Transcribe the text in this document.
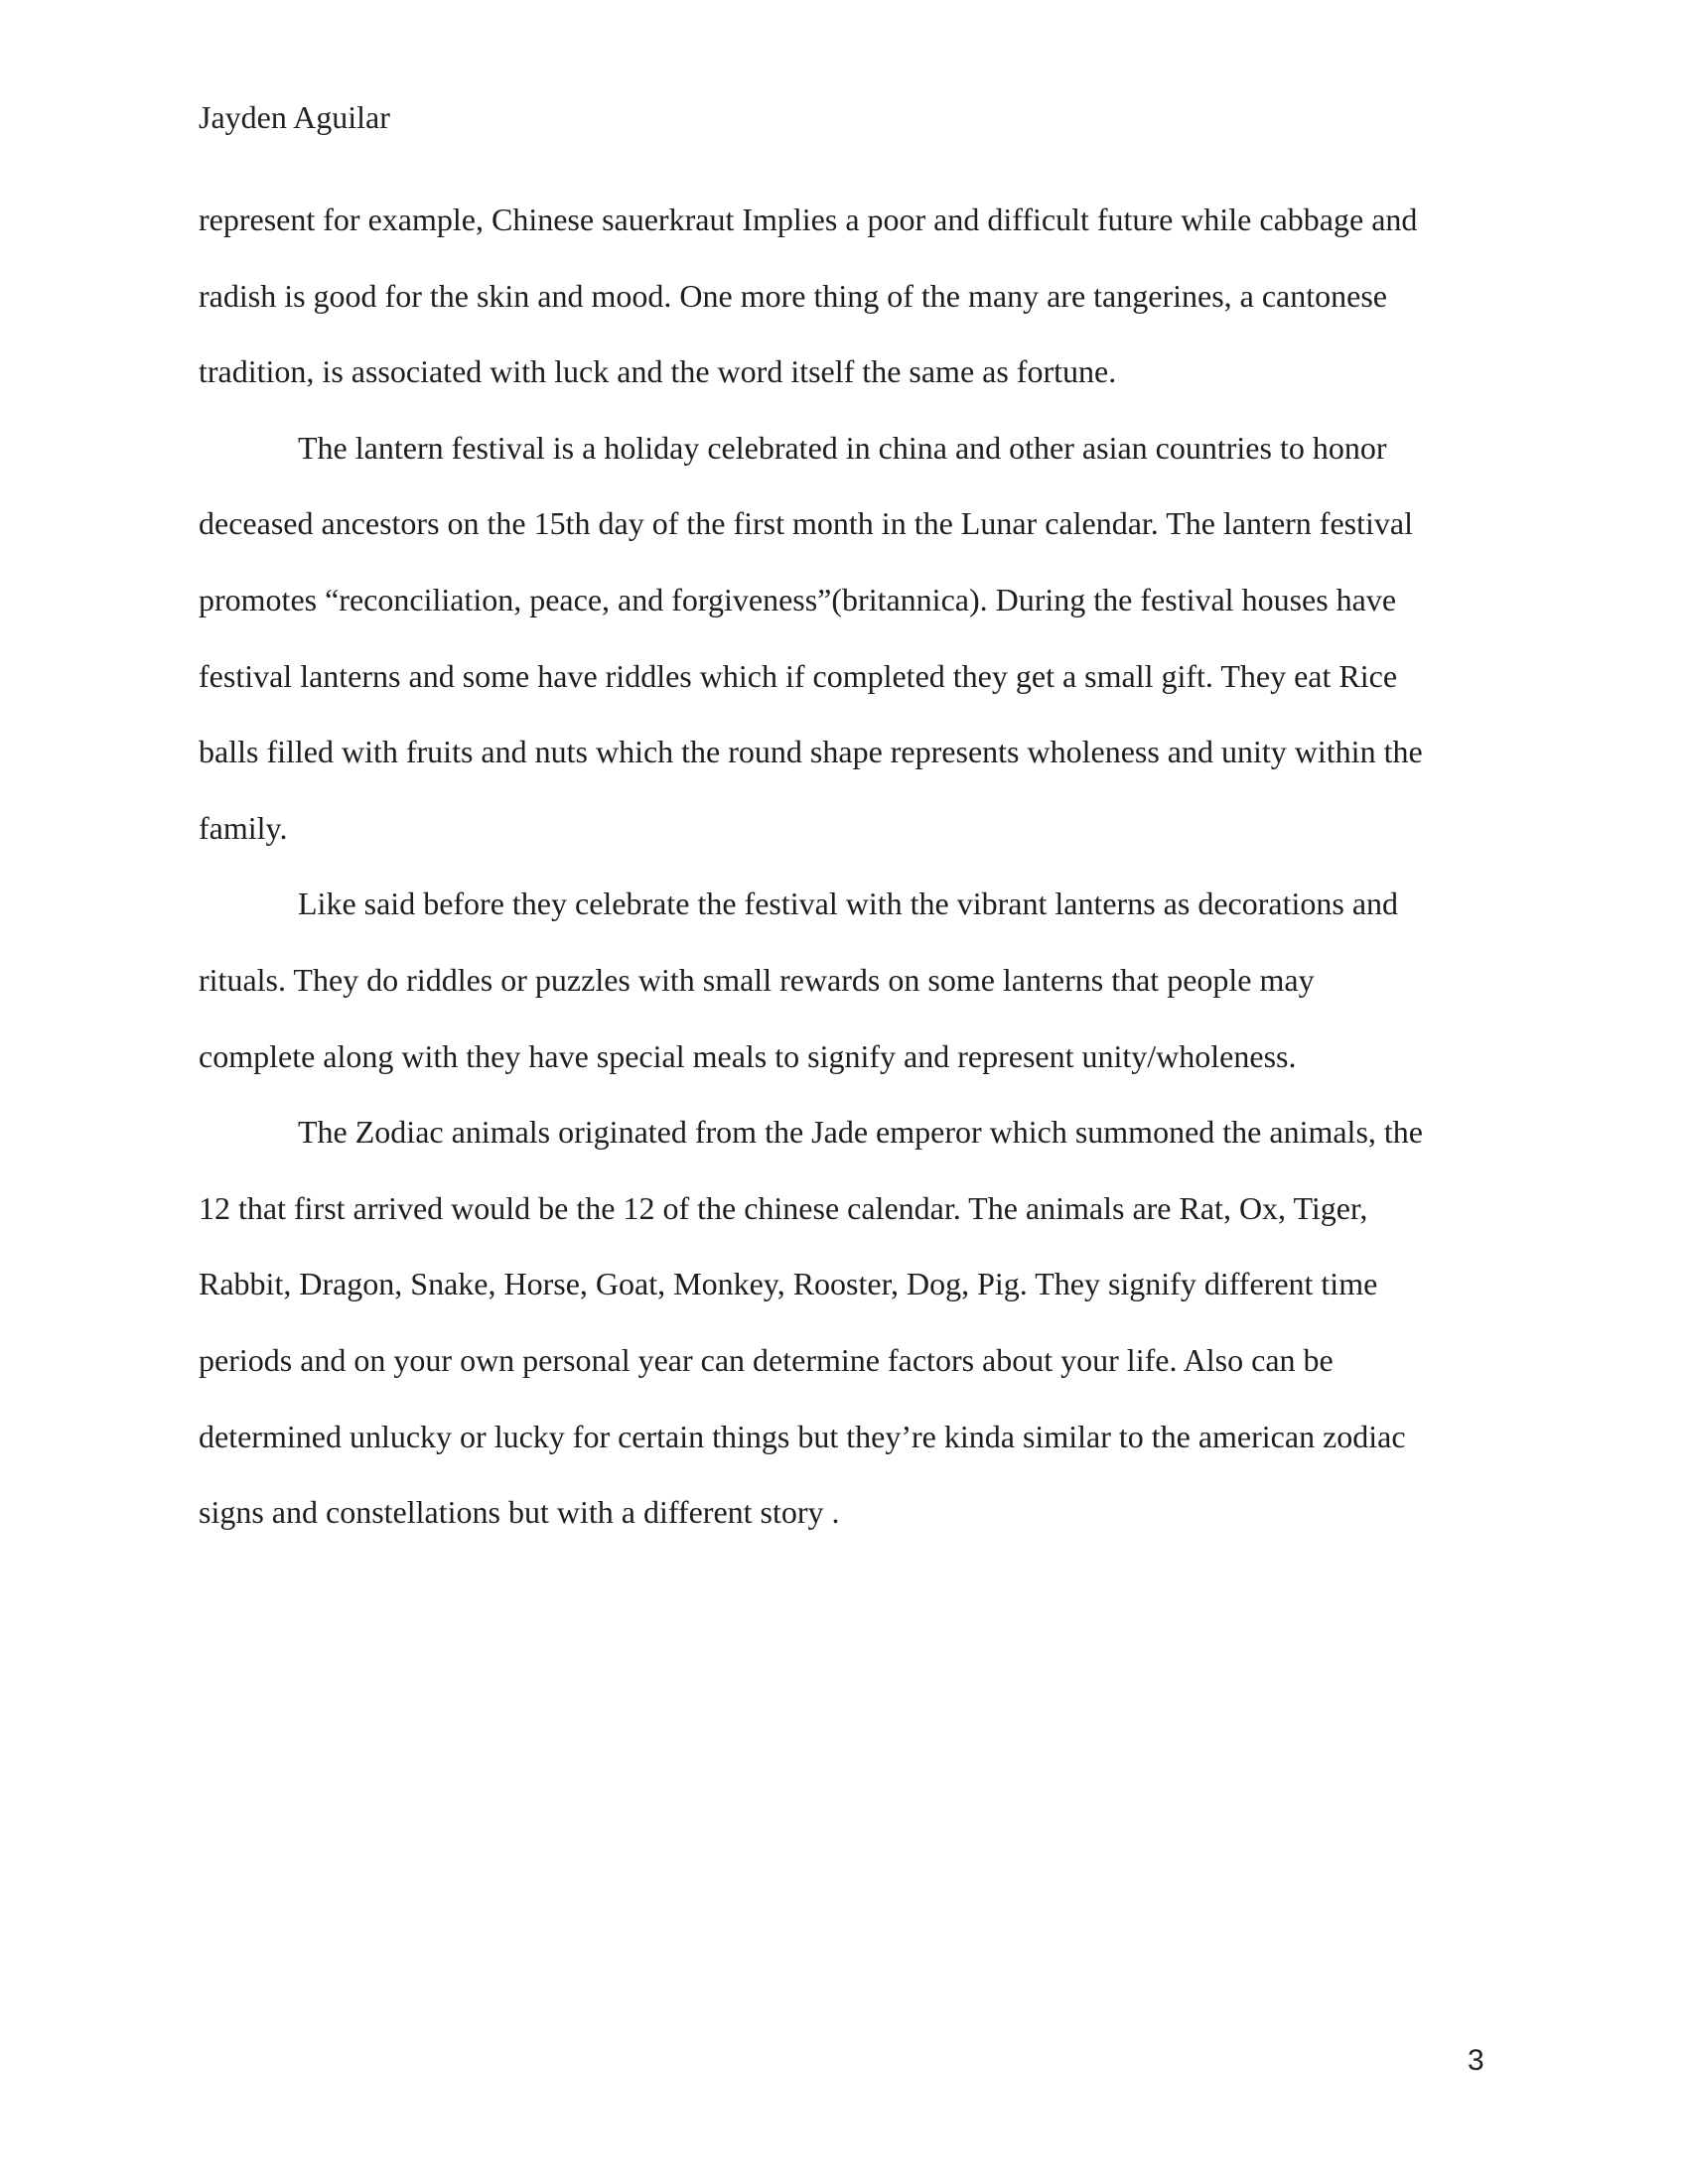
Jayden Aguilar
represent for example, Chinese sauerkraut Implies a poor and difficult future while cabbage and
radish is good for the skin and mood. One more thing of the many are tangerines, a cantonese
tradition, is associated with luck and the word itself the same as fortune.
The lantern festival is a holiday celebrated in china and other asian countries to honor
deceased ancestors on the 15th day of the first month in the Lunar calendar. The lantern festival
promotes “reconciliation, peace, and forgiveness”(britannica). During the festival houses have
festival lanterns and some have riddles which if completed they get a small gift. They eat Rice
balls filled with fruits and nuts which the round shape represents wholeness and unity within the
family.
Like said before they celebrate the festival with the vibrant lanterns as decorations and
rituals. They do riddles or puzzles with small rewards on some lanterns that people may
complete along with they have special meals to signify and represent unity/wholeness.
The Zodiac animals originated from the Jade emperor which summoned the animals, the
12 that first arrived would be the 12 of the chinese calendar. The animals are Rat, Ox, Tiger,
Rabbit, Dragon, Snake, Horse, Goat, Monkey, Rooster, Dog, Pig. They signify different time
periods and on your own personal year can determine factors about your life. Also can be
determined unlucky or lucky for certain things but they’re kinda similar to the american zodiac
signs and constellations but with a different story .
3
